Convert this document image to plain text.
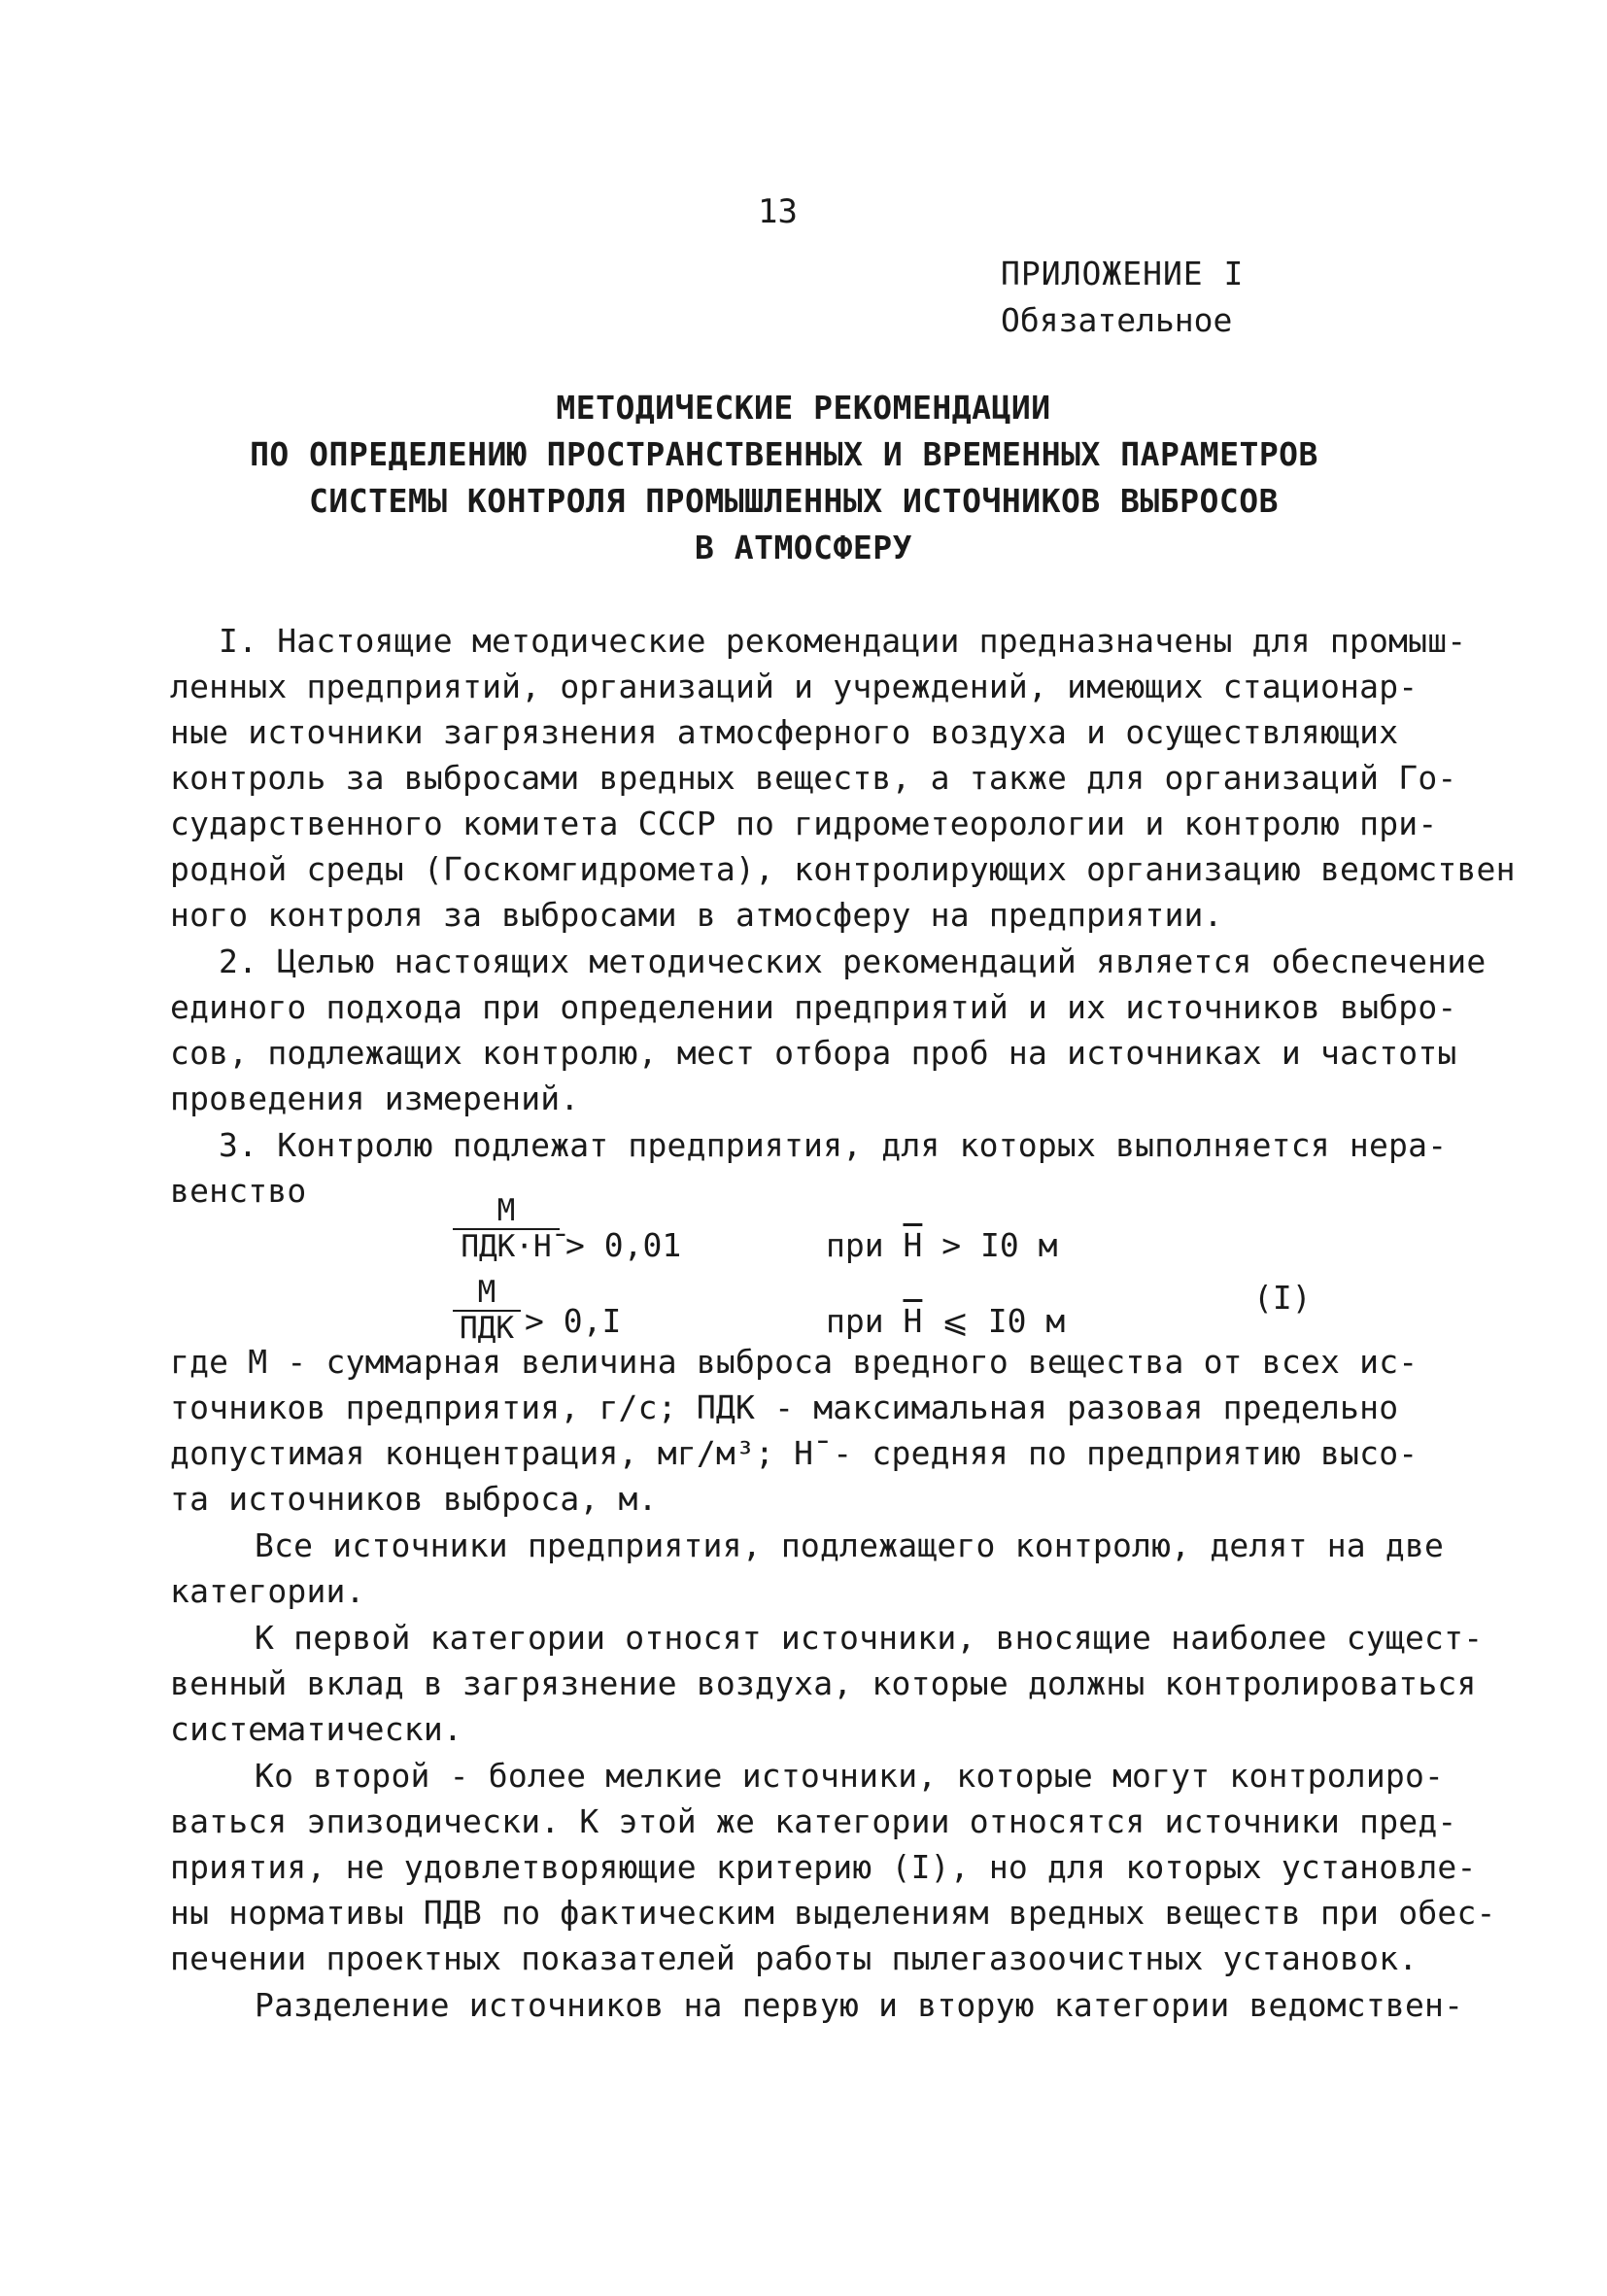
13
ПРИЛОЖЕНИЕ I
Обязательное
МЕТОДИЧЕСКИЕ РЕКОМЕНДАЦИИ
ПО ОПРЕДЕЛЕНИЮ ПРОСТРАНСТВЕННЫХ И ВРЕМЕННЫХ ПАРАМЕТРОВ
СИСТЕМЫ КОНТРОЛЯ ПРОМЫШЛЕННЫХ ИСТОЧНИКОВ ВЫБРОСОВ
В АТМОСФЕРУ
I. Настоящие методические рекомендации предназначены для промыш-
ленных предприятий, организаций и учреждений, имеющих стационар-
ные источники загрязнения атмосферного воздуха и осуществляющих
контроль за выбросами вредных веществ, а также для организаций Го-
сударственного комитета СССР по гидрометеорологии и контролю при-
родной среды (Госкомгидромета), контролирующих организацию ведомствен
ного контроля за выбросами в атмосферу на предприятии.
2. Целью настоящих методических рекомендаций является обеспечение
единого подхода при определении предприятий и их источников выбро-
сов, подлежащих контролю, мест отбора проб на источниках и частоты
проведения измерений.
3. Контролю подлежат предприятия, для которых выполняется нера-
венство
М
ПДК·Н̄ > 0,01	при Н > I0 м
М
ПДК > 0,I	при Н ⩽ I0 м
(I)
где М - суммарная величина выброса вредного вещества от всех ис-
точников предприятия, г/с; ПДК - максимальная разовая предельно
допустимая концентрация, мг/м³; Н̄ - средняя по предприятию высо-
та источников выброса, м.
Все источники предприятия, подлежащего контролю, делят на две
категории.
К первой категории относят источники, вносящие наиболее сущест-
венный вклад в загрязнение воздуха, которые должны контролироваться
систематически.
Ко второй - более мелкие источники, которые могут контролиро-
ваться эпизодически. К этой же категории относятся источники пред-
приятия, не удовлетворяющие критерию (I), но для которых установле-
ны нормативы ПДВ по фактическим выделениям вредных веществ при обес-
печении проектных показателей работы пылегазоочистных установок.
Разделение источников на первую и вторую категории ведомствен-
